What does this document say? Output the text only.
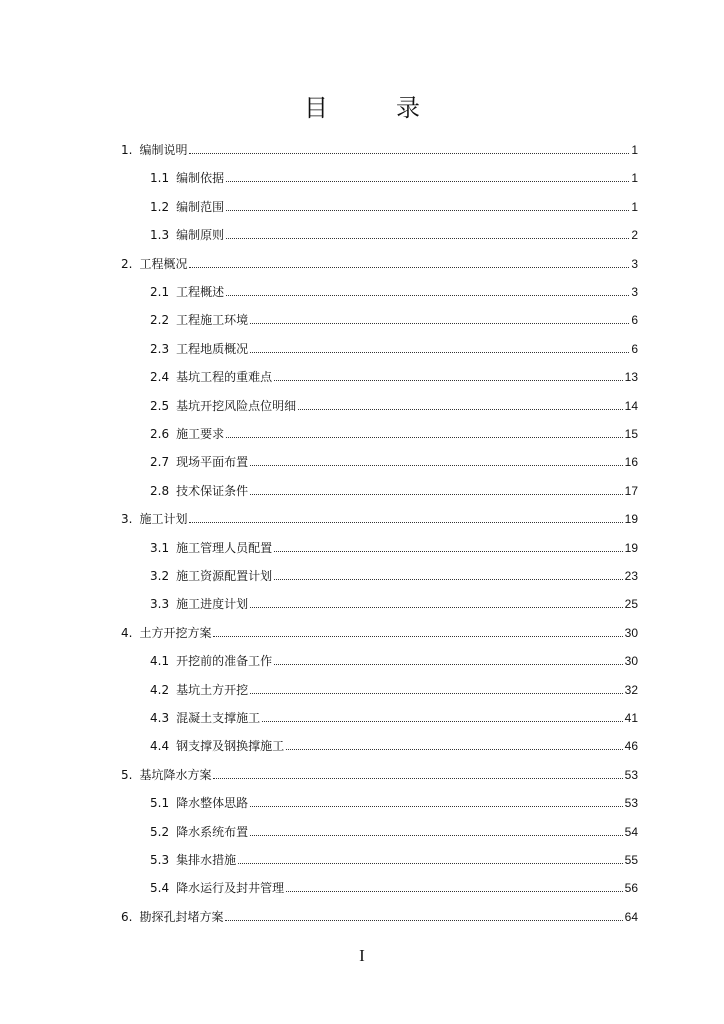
目　录
1. 编制说明	1
1.1 编制依据	1
1.2 编制范围	1
1.3 编制原则	2
2. 工程概况	3
2.1 工程概述	3
2.2 工程施工环境	6
2.3 工程地质概况	6
2.4 基坑工程的重难点	13
2.5 基坑开挖风险点位明细	14
2.6 施工要求	15
2.7 现场平面布置	16
2.8 技术保证条件	17
3. 施工计划	19
3.1 施工管理人员配置	19
3.2 施工资源配置计划	23
3.3 施工进度计划	25
4. 土方开挖方案	30
4.1 开挖前的准备工作	30
4.2 基坑土方开挖	32
4.3 混凝土支撑施工	41
4.4 钢支撑及钢换撑施工	46
5. 基坑降水方案	53
5.1 降水整体思路	53
5.2 降水系统布置	54
5.3 集排水措施	55
5.4 降水运行及封井管理	56
6. 勘探孔封堵方案	64
I
